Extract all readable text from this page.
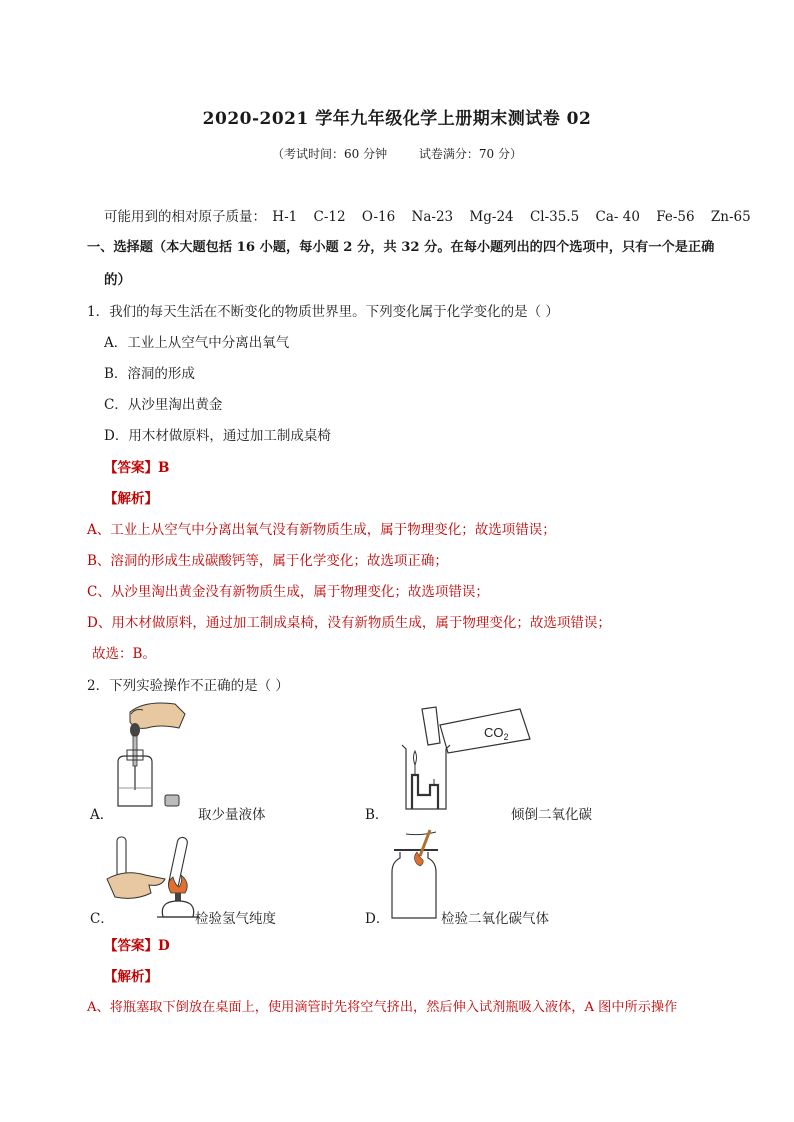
2020-2021 学年九年级化学上册期末测试卷 02
（考试时间：60 分钟	试卷满分：70 分）
可能用到的相对原子质量： H-1 C-12 O-16 Na-23 Mg-24 Cl-35.5 Ca- 40 Fe-56 Zn-65
一、选择题（本大题包括 16 小题，每小题 2 分，共 32 分。在每小题列出的四个选项中，只有一个是正确
的）
1．我们的每天生活在不断变化的物质世界里。下列变化属于化学变化的是（ ）
A．工业上从空气中分离出氧气
B．溶洞的形成
C．从沙里淘出黄金
D．用木材做原料，通过加工制成桌椅
【答案】B
【解析】
A、工业上从空气中分离出氧气没有新物质生成，属于物理变化；故选项错误；
B、溶洞的形成生成碳酸钙等，属于化学变化；故选项正确；
C、从沙里淘出黄金没有新物质生成，属于物理变化；故选项错误；
D、用木材做原料，通过加工制成桌椅，没有新物质生成，属于物理变化；故选项错误；
故选：B。
2．下列实验操作不正确的是（ ）
$CO_2$
A．	取少量液体	B．	倾倒二氧化碳
C．	检验氢气纯度	D．	检验二氧化碳气体
【答案】D
【解析】
A、将瓶塞取下倒放在桌面上，使用滴管时先将空气挤出，然后伸入试剂瓶吸入液体，A 图中所示操作
